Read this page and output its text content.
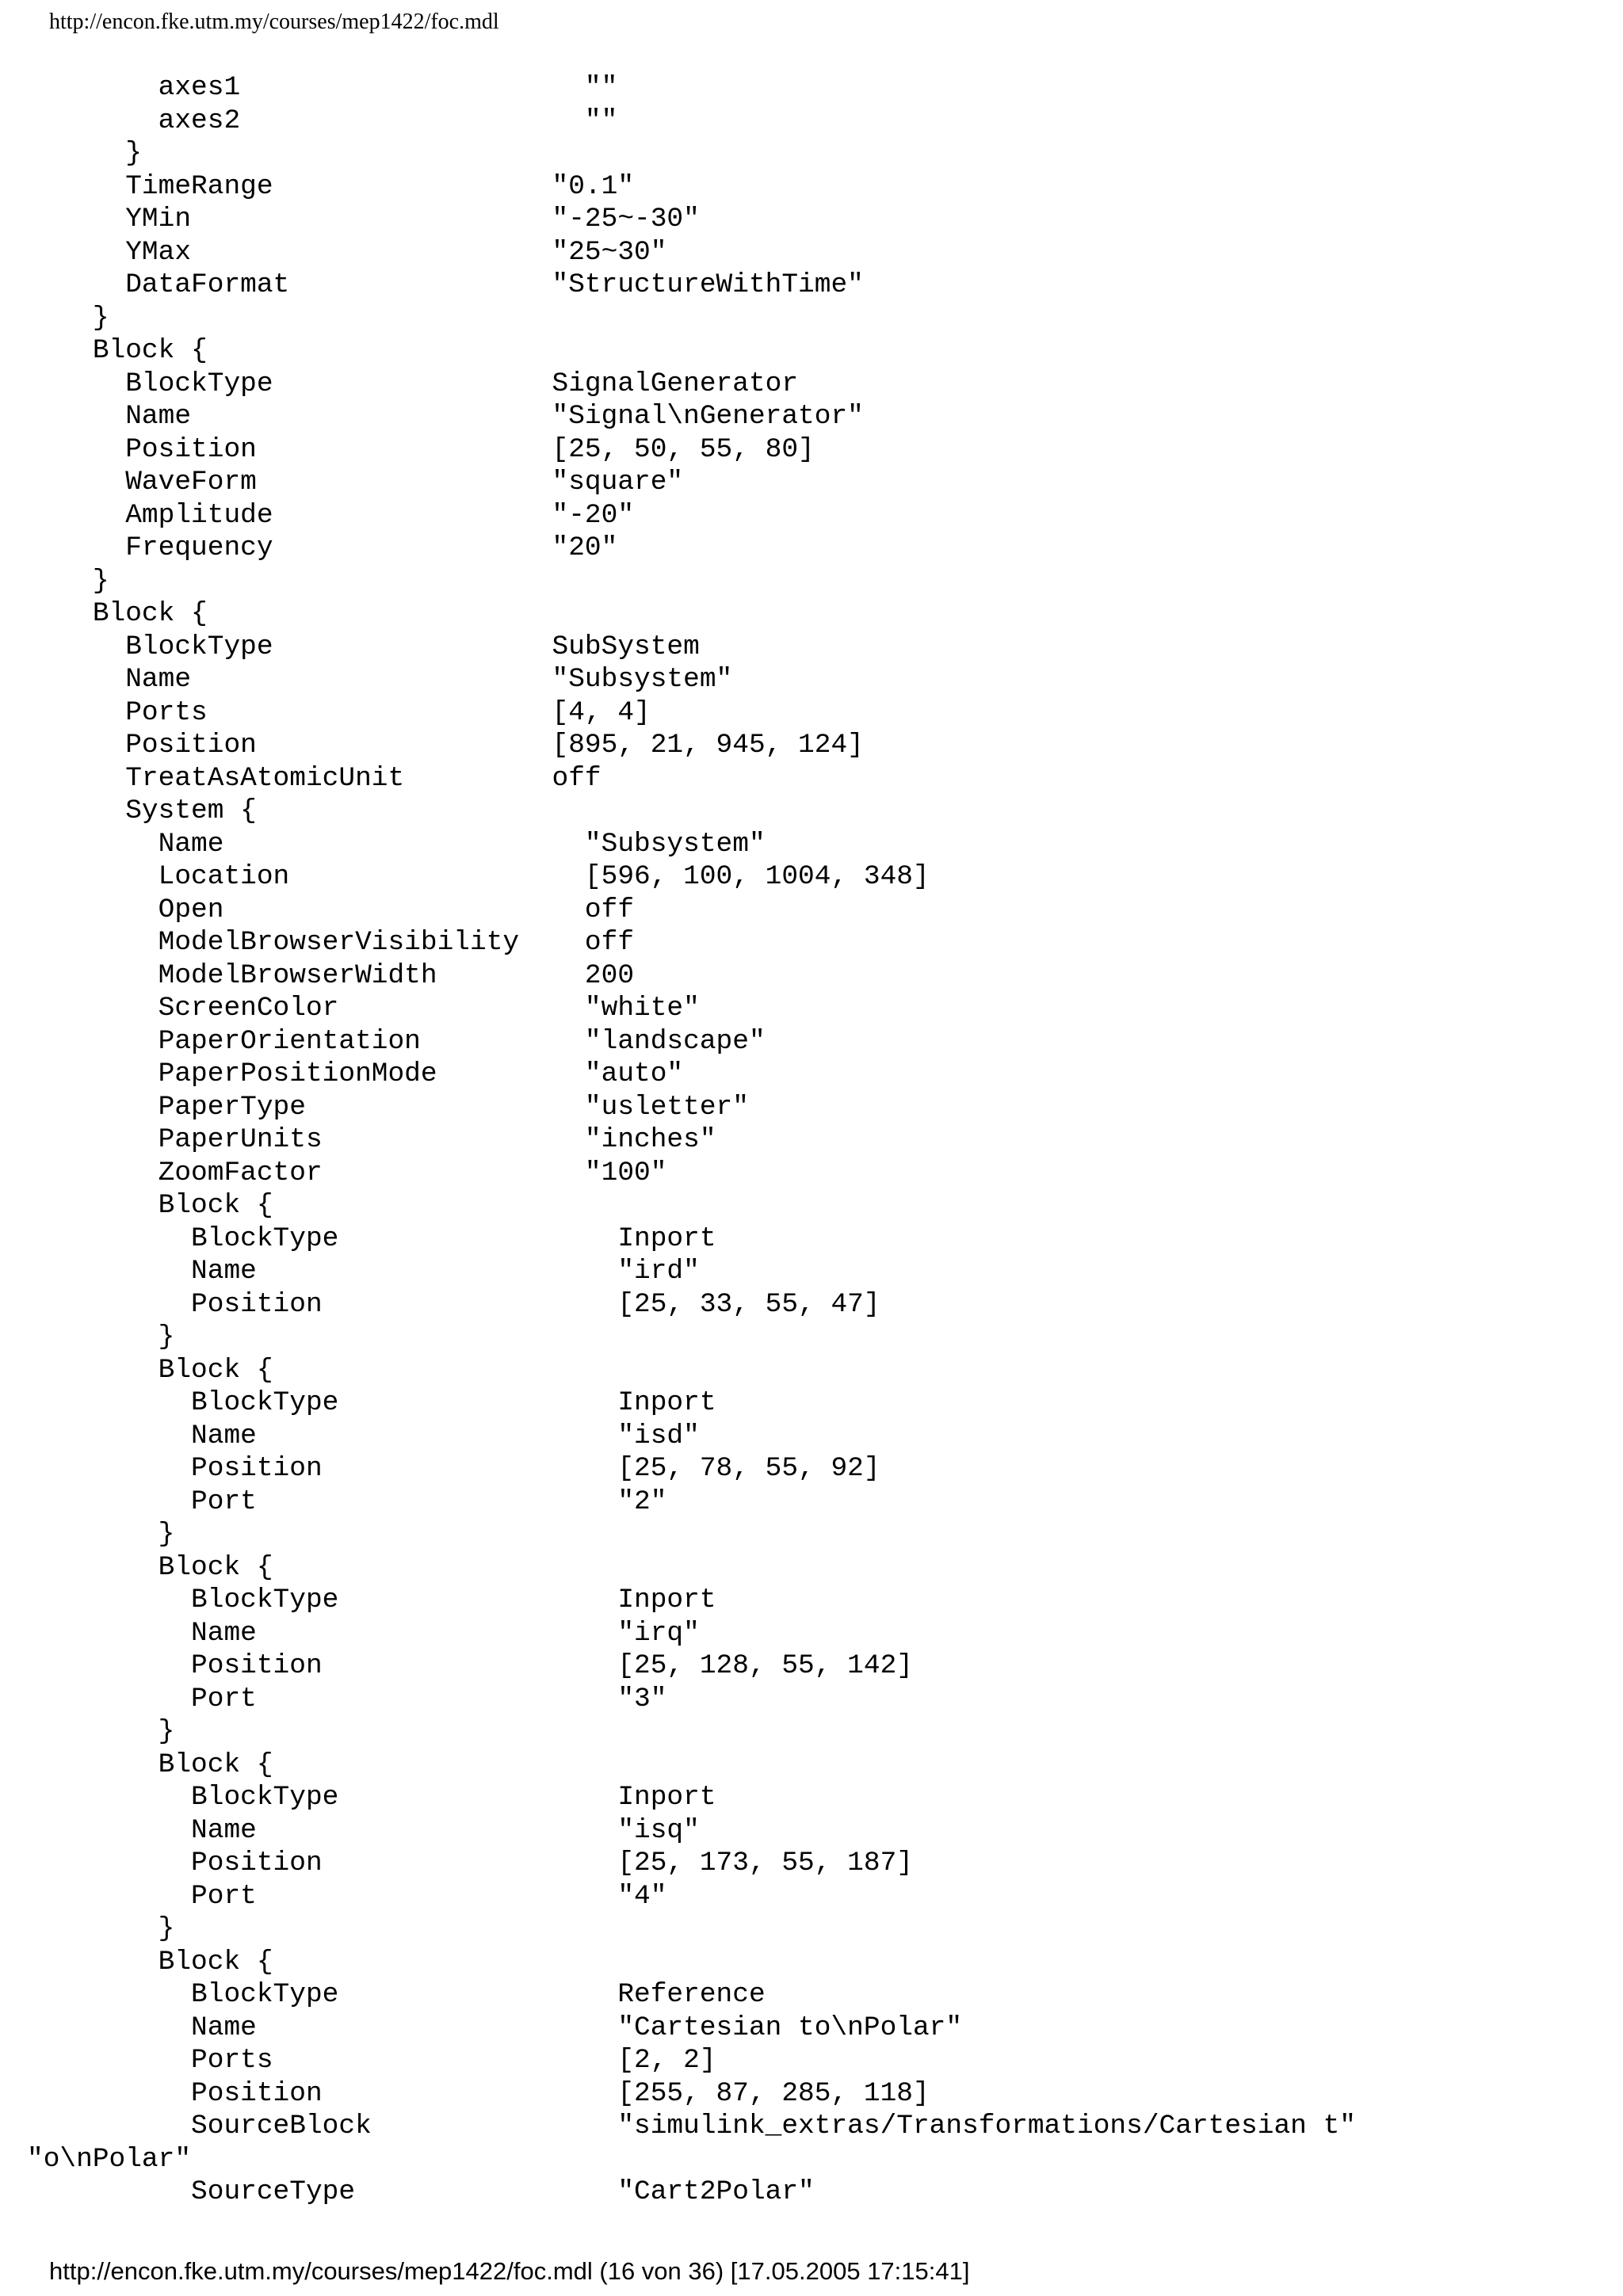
http://encon.fke.utm.my/courses/mep1422/foc.mdl
axes1                     ""
axes2                     ""
}
TimeRange                 "0.1"
YMin                      "-25~-30"
YMax                      "25~30"
DataFormat                "StructureWithTime"
}
Block {
BlockType                 SignalGenerator
Name                      "Signal\nGenerator"
Position                  [25, 50, 55, 80]
WaveForm                  "square"
Amplitude                 "-20"
Frequency                 "20"
}
Block {
BlockType                 SubSystem
Name                      "Subsystem"
Ports                     [4, 4]
Position                  [895, 21, 945, 124]
TreatAsAtomicUnit         off
System {
Name                      "Subsystem"
Location                  [596, 100, 1004, 348]
Open                      off
ModelBrowserVisibility    off
ModelBrowserWidth         200
ScreenColor               "white"
PaperOrientation          "landscape"
PaperPositionMode         "auto"
PaperType                 "usletter"
PaperUnits                "inches"
ZoomFactor                "100"
Block {
BlockType                 Inport
Name                      "ird"
Position                  [25, 33, 55, 47]
}
Block {
BlockType                 Inport
Name                      "isd"
Position                  [25, 78, 55, 92]
Port                      "2"
}
Block {
BlockType                 Inport
Name                      "irq"
Position                  [25, 128, 55, 142]
Port                      "3"
}
Block {
BlockType                 Inport
Name                      "isq"
Position                  [25, 173, 55, 187]
Port                      "4"
}
Block {
BlockType                 Reference
Name                      "Cartesian to\nPolar"
Ports                     [2, 2]
Position                  [255, 87, 285, 118]
SourceBlock               "simulink_extras/Transformations/Cartesian t"
"o\nPolar"
SourceType                "Cart2Polar"
http://encon.fke.utm.my/courses/mep1422/foc.mdl (16 von 36) [17.05.2005 17:15:41]
